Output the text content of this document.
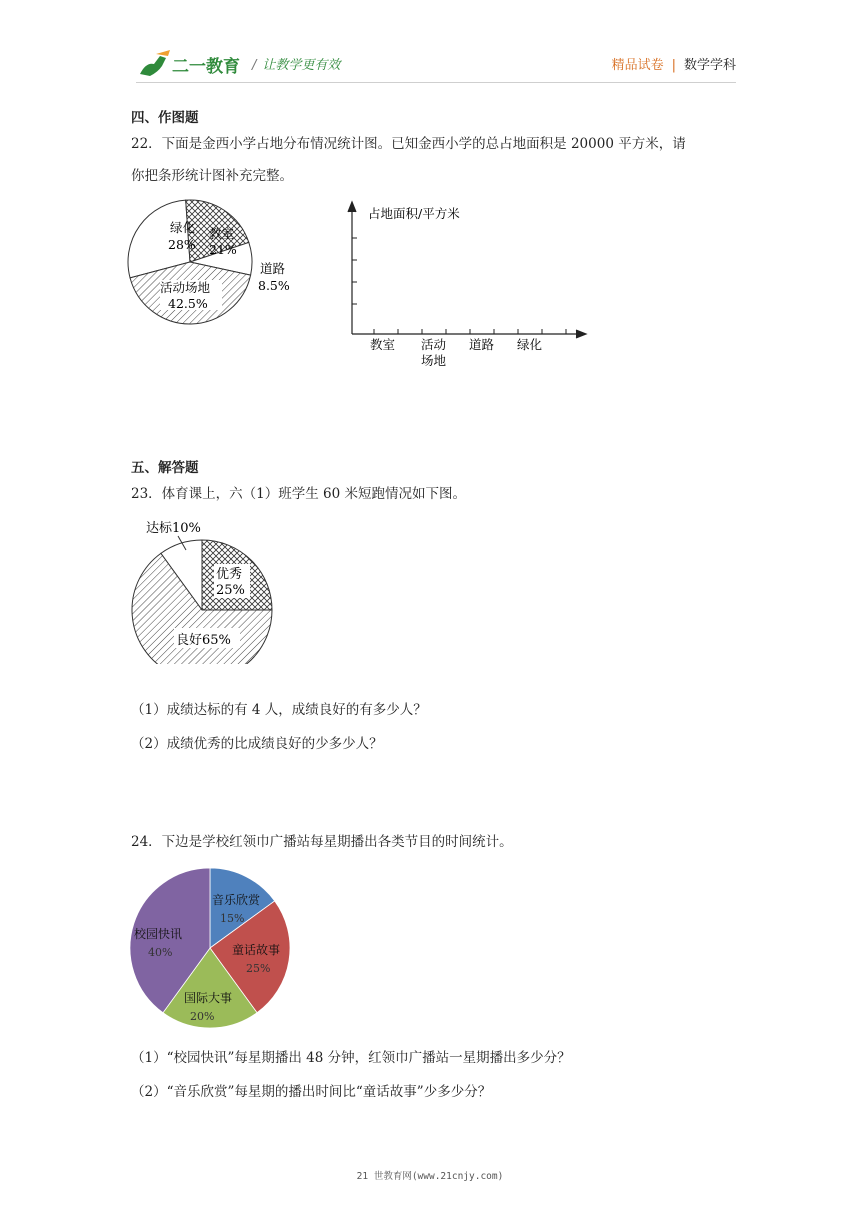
二一教育 / 让教学更有效	精品试卷 | 数学学科
四、作图题
22．下面是金西小学占地分布情况统计图。已知金西小学的总占地面积是 20000 平方米，请
你把条形统计图补充完整。
绿化
28%
教室
21%
道路
8.5%
活动场地
42.5%
占地面积/平方米
教室 活动
场地
道路 绿化
五、解答题
23．体育课上，六（1）班学生 60 米短跑情况如下图。
达标10%
优秀
25%
良好65%
（1）成绩达标的有 4 人，成绩良好的有多少人？
（2）成绩优秀的比成绩良好的少多少人？
24．下边是学校红领巾广播站每星期播出各类节目的时间统计。
音乐欣赏
15%
童话故事
25%
国际大事
20%
校园快讯
40%
（1）“校园快讯”每星期播出 48 分钟，红领巾广播站一星期播出多少分？
（2）“音乐欣赏”每星期的播出时间比“童话故事”少多少分？
21 世教育网(www.21cnjy.com)
